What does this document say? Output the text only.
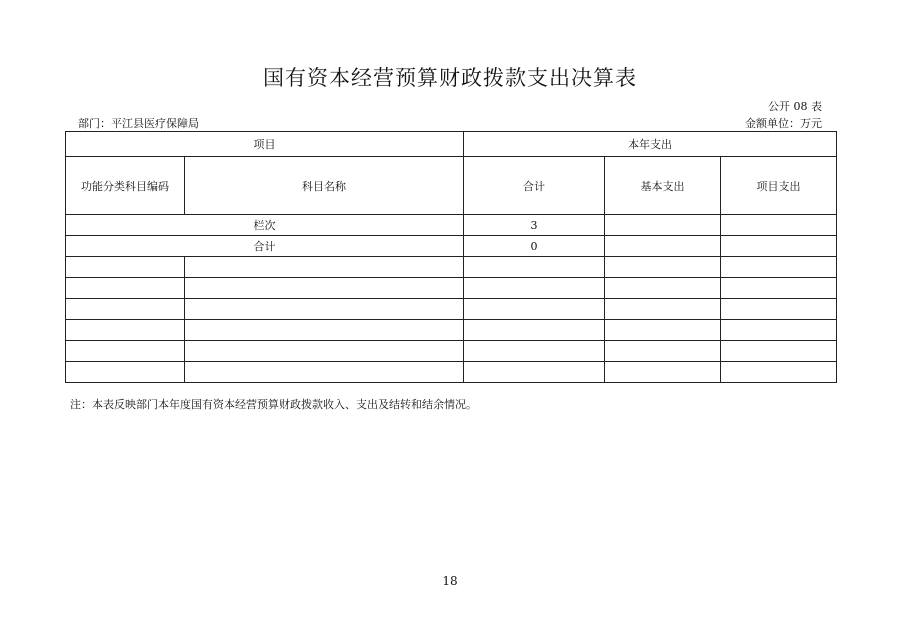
国有资本经营预算财政拨款支出决算表
公开 08 表
部门：平江县医疗保障局	金额单位：万元
项目		本年支出		
功能分类科目编码	科目名称	合计	基本支出	项目支出
栏次		3		
合计		0		

注：本表反映部门本年度国有资本经营预算财政拨款收入、支出及结转和结余情况。
18
